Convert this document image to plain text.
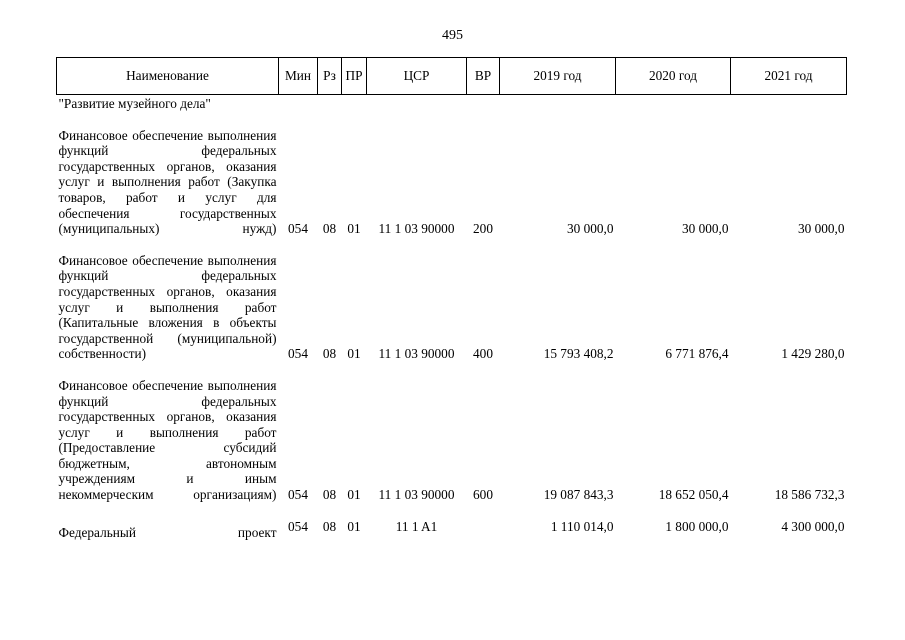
495
Наименование	Мин	Рз	ПР	ЦСР	ВР	2019 год	2020 год	2021 год
"Развитие музейного дела"								
Финансовое обеспечение выполнения функций федеральных государственных органов, оказания услуг и выполнения работ (Закупка товаров, работ и услуг для обеспечения государственных (муниципальных) нужд)	054	08	01	11 1 03 90000	200	30 000,0	30 000,0	30 000,0
Финансовое обеспечение выполнения функций федеральных государственных органов, оказания услуг и выполнения работ (Капитальные вложения в объекты государственной (муниципальной) собственности)	054	08	01	11 1 03 90000	400	15 793 408,2	6 771 876,4	1 429 280,0
Финансовое обеспечение выполнения функций федеральных государственных органов, оказания услуг и выполнения работ (Предоставление субсидий бюджетным, автономным учреждениям и иным некоммерческим организациям)	054	08	01	11 1 03 90000	600	19 087 843,3	18 652 050,4	18 586 732,3
Федеральный проект	054	08	01	11 1 A1		1 110 014,0	1 800 000,0	4 300 000,0
